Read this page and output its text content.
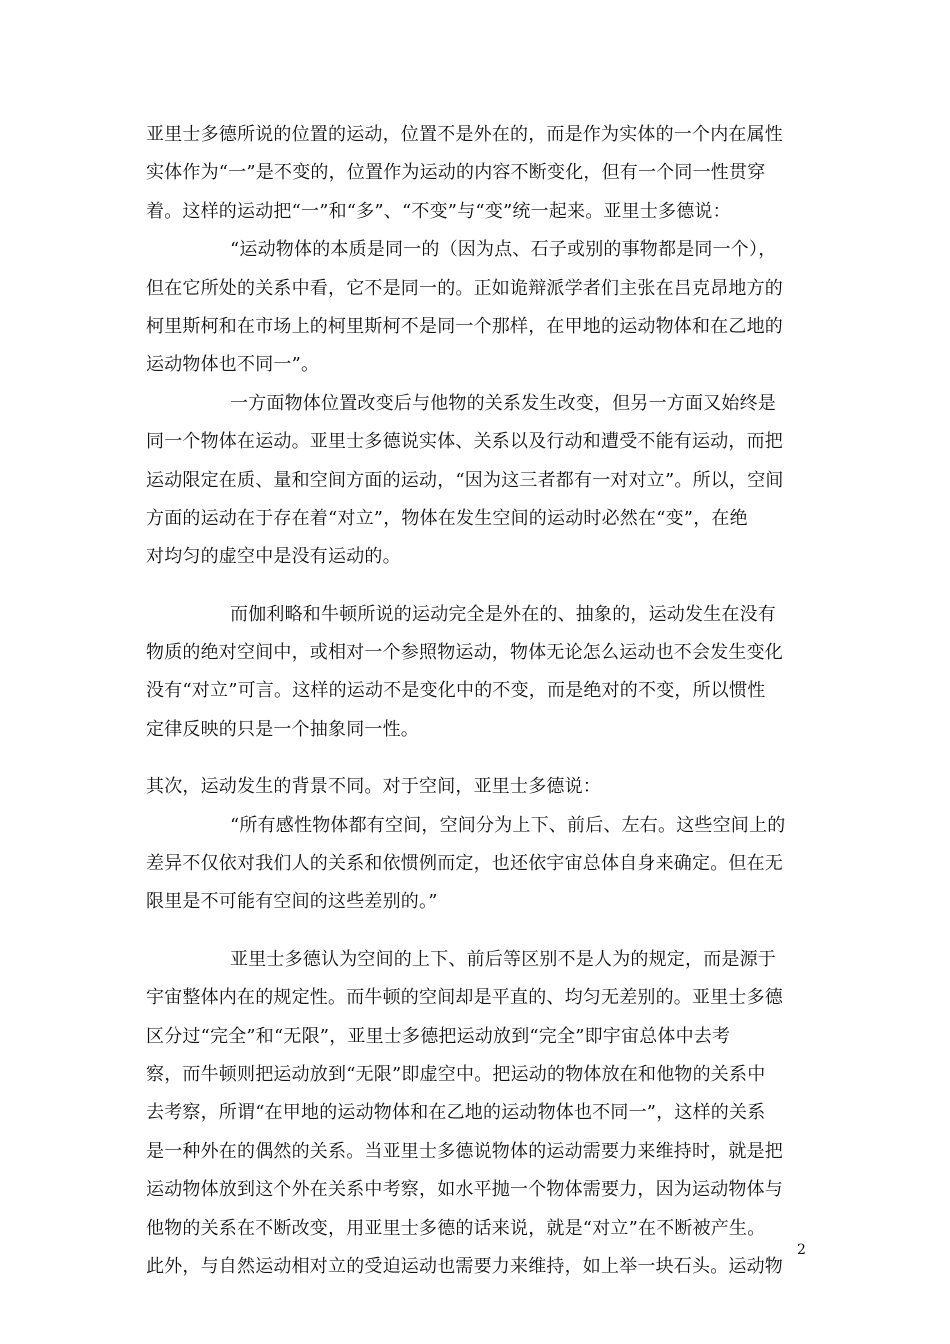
亚里士多德所说的位置的运动，位置不是外在的，而是作为实体的一个内在属性
实体作为“一”是不变的，位置作为运动的内容不断变化，但有一个同一性贯穿
着。这样的运动把“一”和“多”、“不变”与“变”统一起来。亚里士多德说：
“运动物体的本质是同一的（因为点、石子或别的事物都是同一个），
但在它所处的关系中看，它不是同一的。正如诡辩派学者们主张在吕克昂地方的
柯里斯柯和在市场上的柯里斯柯不是同一个那样，在甲地的运动物体和在乙地的
运动物体也不同一”。
一方面物体位置改变后与他物的关系发生改变，但另一方面又始终是
同一个物体在运动。亚里士多德说实体、关系以及行动和遭受不能有运动，而把
运动限定在质、量和空间方面的运动，“因为这三者都有一对对立”。所以，空间
方面的运动在于存在着“对立”，物体在发生空间的运动时必然在“变”，在绝
对均匀的虚空中是没有运动的。
而伽利略和牛顿所说的运动完全是外在的、抽象的，运动发生在没有
物质的绝对空间中，或相对一个参照物运动，物体无论怎么运动也不会发生变化
没有“对立”可言。这样的运动不是变化中的不变，而是绝对的不变，所以惯性
定律反映的只是一个抽象同一性。
其次，运动发生的背景不同。对于空间，亚里士多德说：
“所有感性物体都有空间，空间分为上下、前后、左右。这些空间上的
差异不仅依对我们人的关系和依惯例而定，也还依宇宙总体自身来确定。但在无
限里是不可能有空间的这些差别的。”
亚里士多德认为空间的上下、前后等区别不是人为的规定，而是源于
宇宙整体内在的规定性。而牛顿的空间却是平直的、均匀无差别的。亚里士多德
区分过“完全”和“无限”，亚里士多德把运动放到“完全”即宇宙总体中去考
察，而牛顿则把运动放到“无限”即虚空中。把运动的物体放在和他物的关系中
去考察，所谓“在甲地的运动物体和在乙地的运动物体也不同一”，这样的关系
是一种外在的偶然的关系。当亚里士多德说物体的运动需要力来维持时，就是把
运动物体放到这个外在关系中考察，如水平抛一个物体需要力，因为运动物体与
他物的关系在不断改变，用亚里士多德的话来说，就是“对立”在不断被产生。
此外，与自然运动相对立的受迫运动也需要力来维持，如上举一块石头。运动物
2
